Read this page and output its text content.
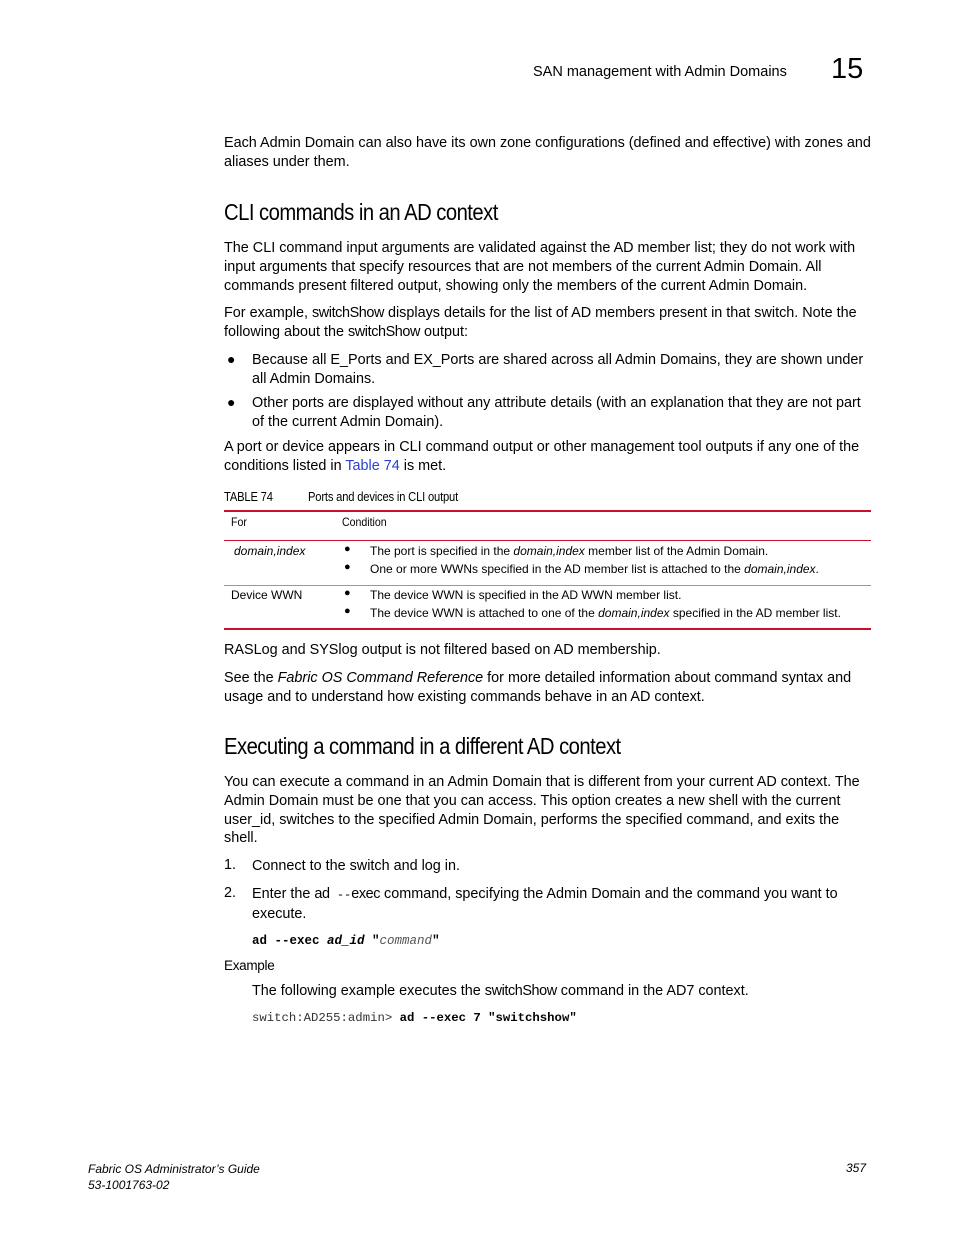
SAN management with Admin Domains 15

Each Admin Domain can also have its own zone configurations (defined and effective) with zones and aliases under them.

CLI commands in an AD context

The CLI command input arguments are validated against the AD member list; they do not work with input arguments that specify resources that are not members of the current Admin Domain. All commands present filtered output, showing only the members of the current Admin Domain.

For example, switchShow displays details for the list of AD members present in that switch. Note the following about the switchShow output:

● Because all E_Ports and EX_Ports are shared across all Admin Domains, they are shown under all Admin Domains.
● Other ports are displayed without any attribute details (with an explanation that they are not part of the current Admin Domain).

A port or device appears in CLI command output or other management tool outputs if any one of the conditions listed in Table 74 is met.

TABLE 74	Ports and devices in CLI output
For	Condition
domain,index	● The port is specified in the domain,index member list of the Admin Domain.
● One or more WWNs specified in the AD member list is attached to the domain,index.
Device WWN	● The device WWN is specified in the AD WWN member list.
● The device WWN is attached to one of the domain,index specified in the AD member list.

RASLog and SYSlog output is not filtered based on AD membership.

See the Fabric OS Command Reference for more detailed information about command syntax and usage and to understand how existing commands behave in an AD context.

Executing a command in a different AD context

You can execute a command in an Admin Domain that is different from your current AD context. The Admin Domain must be one that you can access. This option creates a new shell with the current user_id, switches to the specified Admin Domain, performs the specified command, and exits the shell.

1. Connect to the switch and log in.
2. Enter the ad --exec command, specifying the Admin Domain and the command you want to execute.
ad --exec ad_id "command"
Example
The following example executes the switchShow command in the AD7 context.
switch:AD255:admin> ad --exec 7 "switchshow"
Fabric OS Administrator’s Guide
53-1001763-02
357
